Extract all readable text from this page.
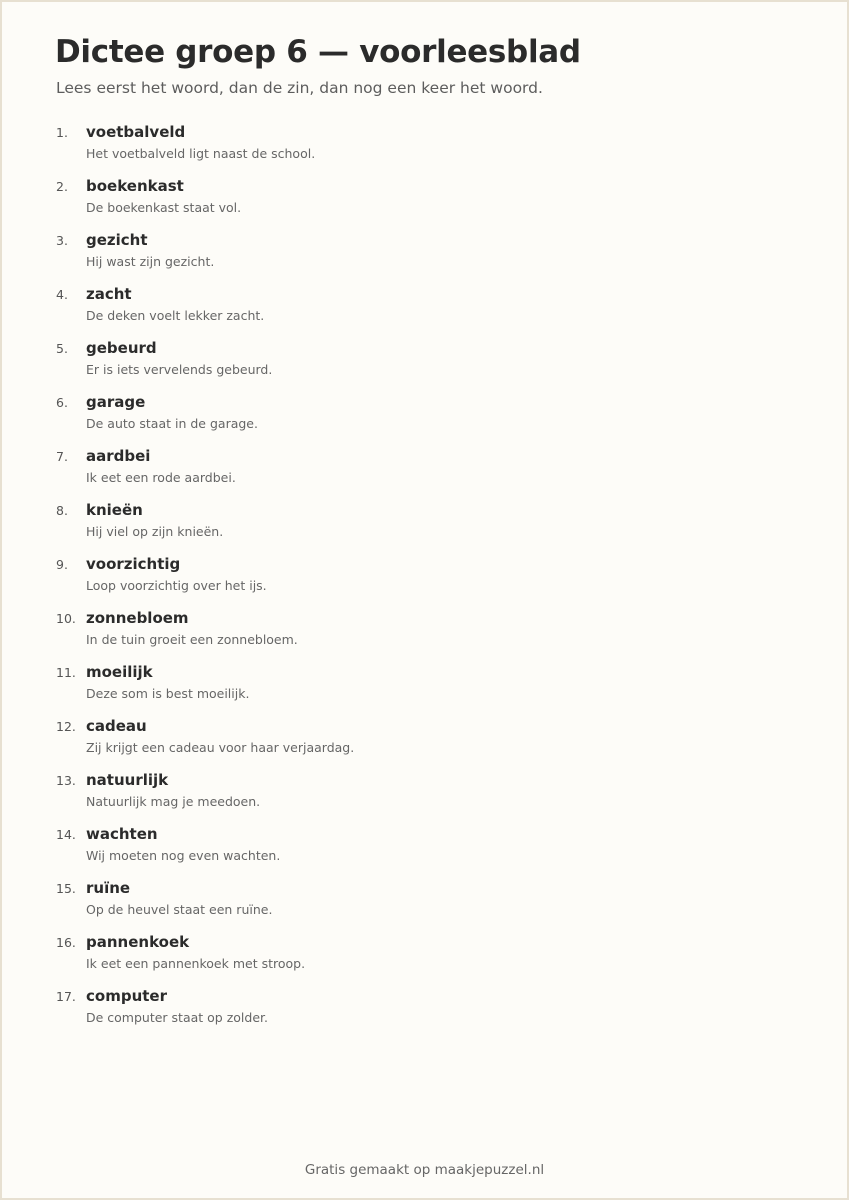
Dictee groep 6 — voorleesblad

Lees eerst het woord, dan de zin, dan nog een keer het woord.

1. voetbalveld
Het voetbalveld ligt naast de school.
2. boekenkast
De boekenkast staat vol.
3. gezicht
Hij wast zijn gezicht.
4. zacht
De deken voelt lekker zacht.
5. gebeurd
Er is iets vervelends gebeurd.
6. garage
De auto staat in de garage.
7. aardbei
Ik eet een rode aardbei.
8. knieën
Hij viel op zijn knieën.
9. voorzichtig
Loop voorzichtig over het ijs.
10. zonnebloem
In de tuin groeit een zonnebloem.
11. moeilijk
Deze som is best moeilijk.
12. cadeau
Zij krijgt een cadeau voor haar verjaardag.
13. natuurlijk
Natuurlijk mag je meedoen.
14. wachten
Wij moeten nog even wachten.
15. ruïne
Op de heuvel staat een ruïne.
16. pannenkoek
Ik eet een pannenkoek met stroop.
17. computer
De computer staat op zolder.
Gratis gemaakt op maakjepuzzel.nl
